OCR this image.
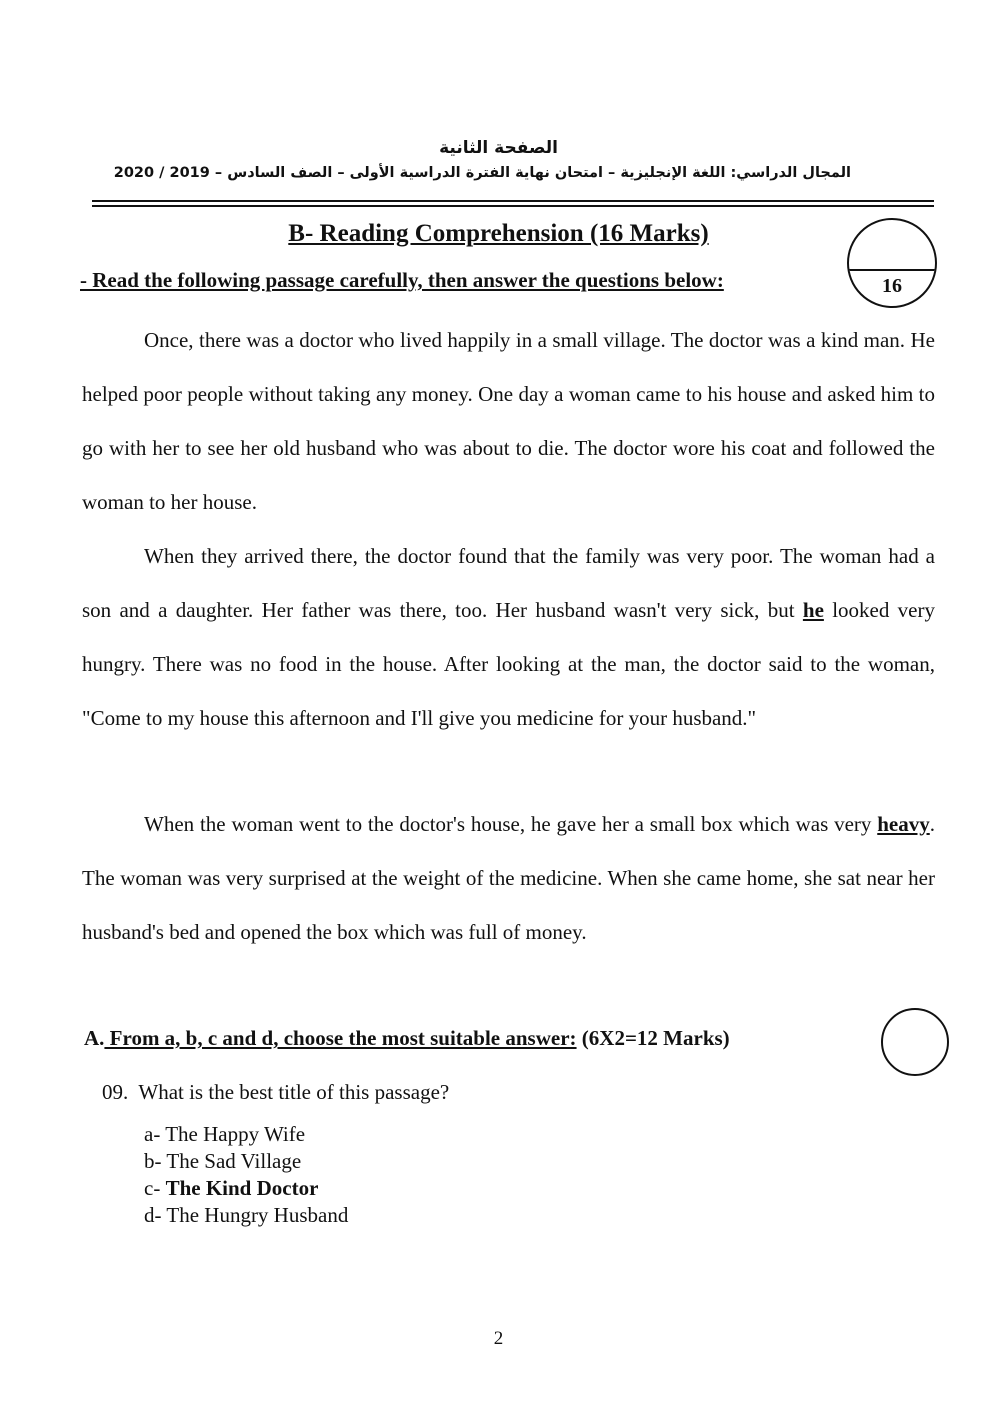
الصفحة الثانية
المجال الدراسي: اللغة الإنجليزية – امتحان نهاية الفترة الدراسية الأولى – الصف السادس – 2019 / 2020
B- Reading Comprehension (16 Marks)
- Read the following passage carefully, then answer the questions below:	16
Once, there was a doctor who lived happily in a small village. The doctor was a kind man. He helped poor people without taking any money. One day a woman came to his house and asked him to go with her to see her old husband who was about to die. The doctor wore his coat and followed the woman to her house.
When they arrived there, the doctor found that the family was very poor. The woman had a son and a daughter. Her father was there, too. Her husband wasn't very sick, but he looked very hungry. There was no food in the house. After looking at the man, the doctor said to the woman, "Come to my house this afternoon and I'll give you medicine for your husband."
When the woman went to the doctor's house, he gave her a small box which was very heavy. The woman was very surprised at the weight of the medicine. When she came home, she sat near her husband's bed and opened the box which was full of money.
A. From a, b, c and d, choose the most suitable answer: (6X2=12 Marks)
09. What is the best title of this passage?
a- The Happy Wife
b- The Sad Village
c- The Kind Doctor
d- The Hungry Husband
2
